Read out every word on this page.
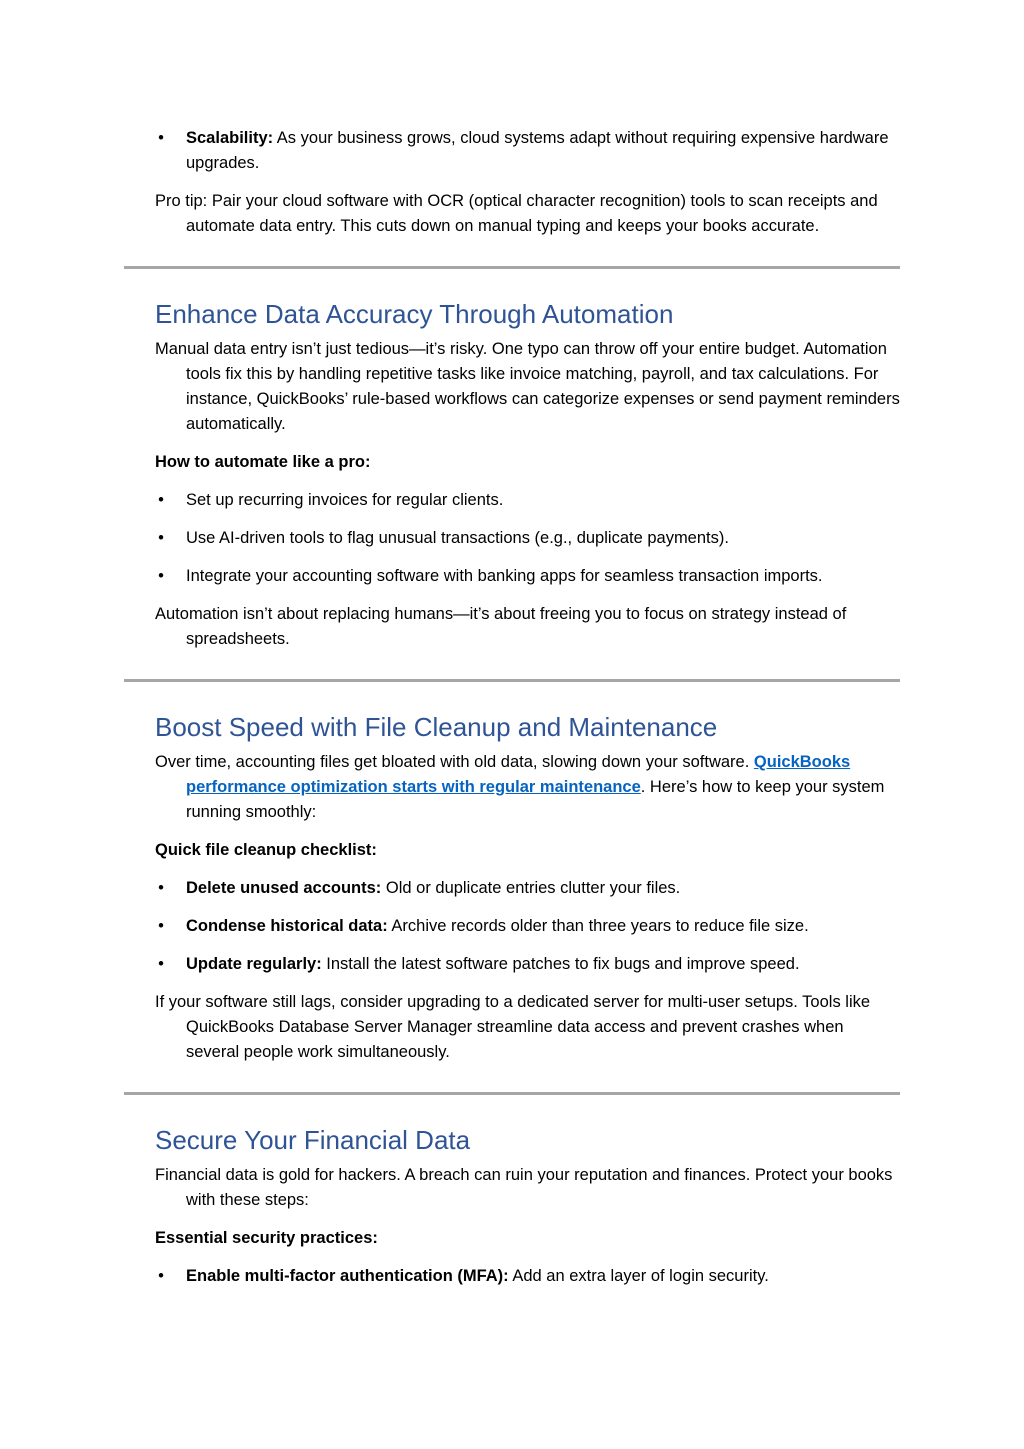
• Scalability: As your business grows, cloud systems adapt without requiring expensive hardware upgrades.

Pro tip: Pair your cloud software with OCR (optical character recognition) tools to scan receipts and automate data entry. This cuts down on manual typing and keeps your books accurate.

Enhance Data Accuracy Through Automation

Manual data entry isn’t just tedious—it’s risky. One typo can throw off your entire budget. Automation tools fix this by handling repetitive tasks like invoice matching, payroll, and tax calculations. For instance, QuickBooks’ rule-based workflows can categorize expenses or send payment reminders automatically.

How to automate like a pro:

• Set up recurring invoices for regular clients.
• Use AI-driven tools to flag unusual transactions (e.g., duplicate payments).
• Integrate your accounting software with banking apps for seamless transaction imports.

Automation isn’t about replacing humans—it’s about freeing you to focus on strategy instead of spreadsheets.

Boost Speed with File Cleanup and Maintenance

Over time, accounting files get bloated with old data, slowing down your software. QuickBooks performance optimization starts with regular maintenance. Here’s how to keep your system running smoothly:

Quick file cleanup checklist:

• Delete unused accounts: Old or duplicate entries clutter your files.
• Condense historical data: Archive records older than three years to reduce file size.
• Update regularly: Install the latest software patches to fix bugs and improve speed.

If your software still lags, consider upgrading to a dedicated server for multi-user setups. Tools like QuickBooks Database Server Manager streamline data access and prevent crashes when several people work simultaneously.

Secure Your Financial Data

Financial data is gold for hackers. A breach can ruin your reputation and finances. Protect your books with these steps:

Essential security practices:

• Enable multi-factor authentication (MFA): Add an extra layer of login security.
